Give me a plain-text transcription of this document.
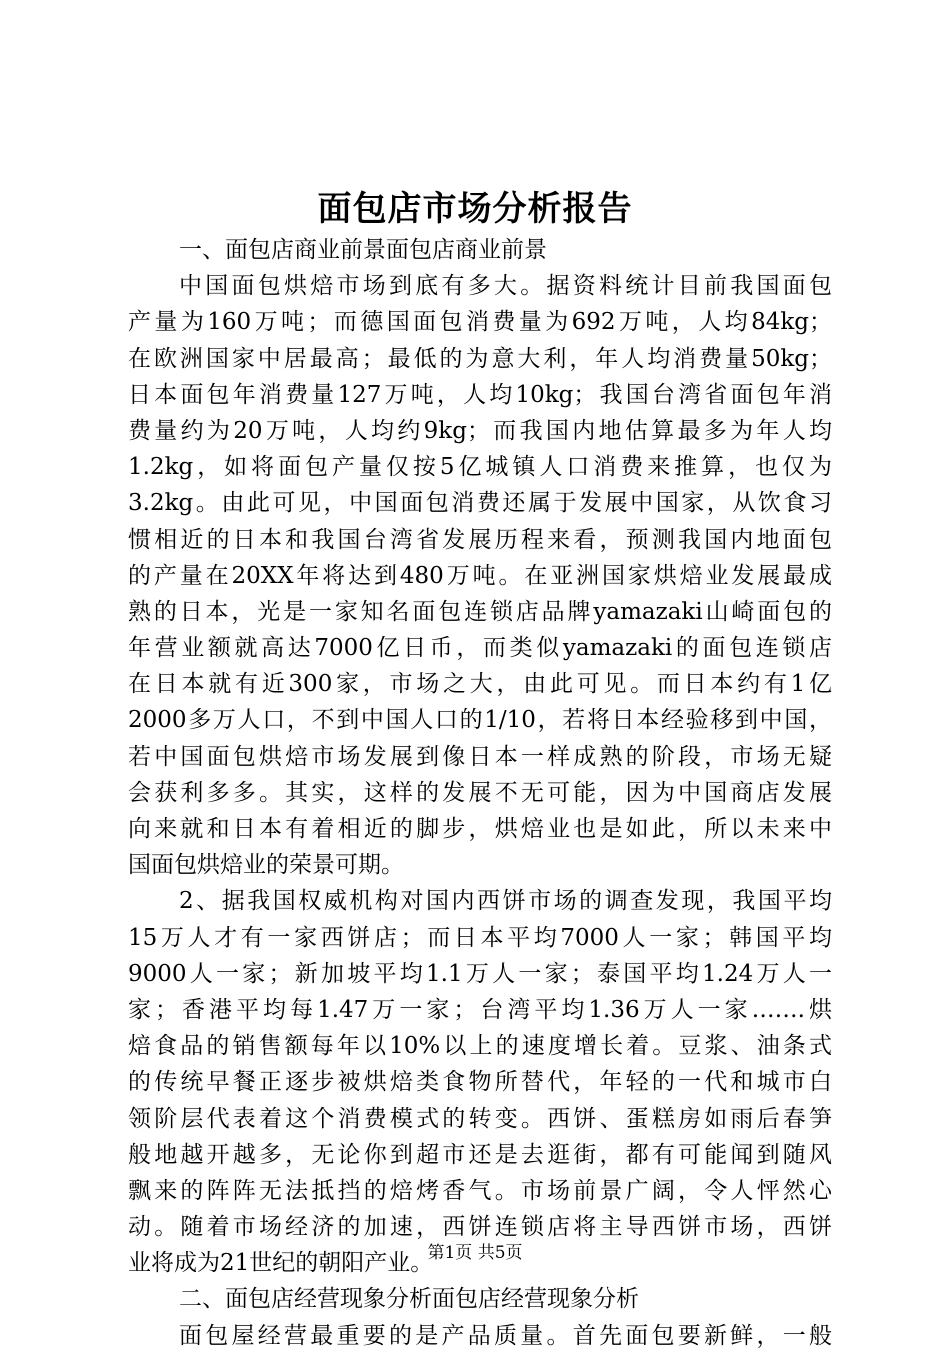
面包店市场分析报告
一、面包店商业前景面包店商业前景
中国面包烘焙市场到底有多大。据资料统计目前我国面包
产量为160万吨；而德国面包消费量为692万吨，人均84kg；
在欧洲国家中居最高；最低的为意大利，年人均消费量50kg；
日本面包年消费量127万吨，人均10kg；我国台湾省面包年消
费量约为20万吨，人均约9kg；而我国内地估算最多为年人均
1.2kg，如将面包产量仅按5亿城镇人口消费来推算，也仅为
3.2kg。由此可见，中国面包消费还属于发展中国家，从饮食习
惯相近的日本和我国台湾省发展历程来看，预测我国内地面包
的产量在20XX年将达到480万吨。在亚洲国家烘焙业发展最成
熟的日本，光是一家知名面包连锁店品牌yamazaki山崎面包的
年营业额就高达7000亿日币，而类似yamazaki的面包连锁店
在日本就有近300家，市场之大，由此可见。而日本约有1亿
2000多万人口，不到中国人口的1/10，若将日本经验移到中国，
若中国面包烘焙市场发展到像日本一样成熟的阶段，市场无疑
会获利多多。其实，这样的发展不无可能，因为中国商店发展
向来就和日本有着相近的脚步，烘焙业也是如此，所以未来中
国面包烘焙业的荣景可期。
2、据我国权威机构对国内西饼市场的调查发现，我国平均
15万人才有一家西饼店；而日本平均7000人一家；韩国平均
9000人一家；新加坡平均1.1万人一家；泰国平均1.24万人一
家；香港平均每1.47万一家；台湾平均1.36万人一家…….烘
焙食品的销售额每年以10%以上的速度增长着。豆浆、油条式
的传统早餐正逐步被烘焙类食物所替代，年轻的一代和城市白
领阶层代表着这个消费模式的转变。西饼、蛋糕房如雨后春笋
般地越开越多，无论你到超市还是去逛街，都有可能闻到随风
飘来的阵阵无法抵挡的焙烤香气。市场前景广阔，令人怦然心
动。随着市场经济的加速，西饼连锁店将主导西饼市场，西饼
业将成为21世纪的朝阳产业。
二、面包店经营现象分析面包店经营现象分析
面包屋经营最重要的是产品质量。首先面包要新鲜，一般
第1页 共5页
